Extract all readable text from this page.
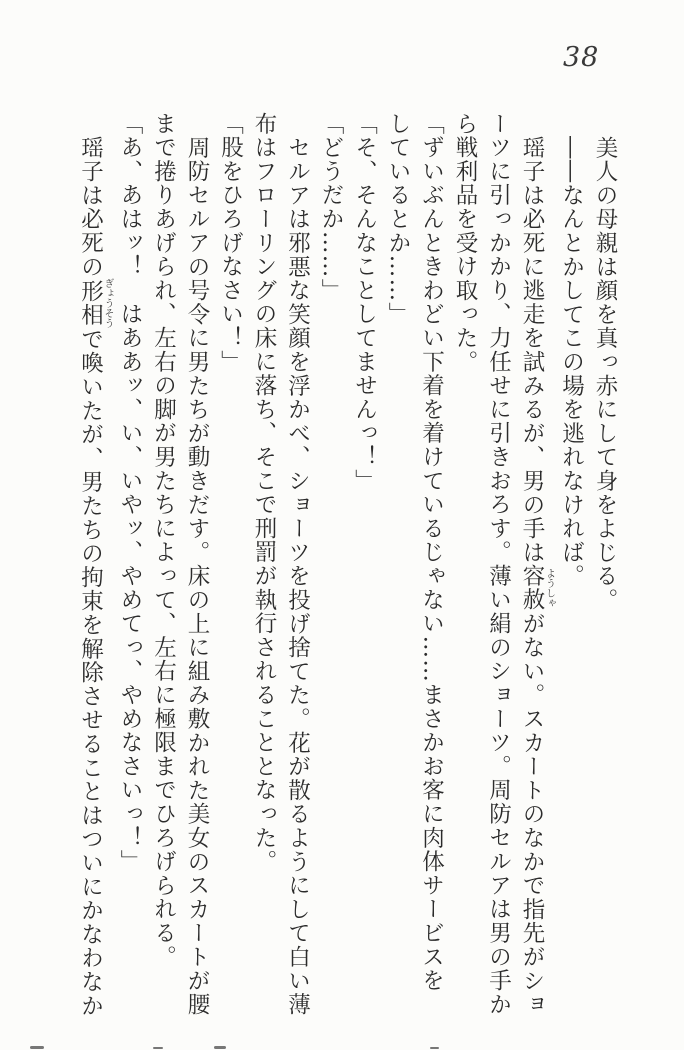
38

美人の母親は顔を真っ赤にして身をよじる。

――なんとかしてこの場を逃れなければ。

瑶子は必死に逃走を試みるが、男の手は容赦ようしゃがない。スカートのなかで指先がショ

ーツに引っかかり、力任せに引きおろす。薄い絹のショーツ。周防セルアは男の手か

ら戦利品を受け取った。

「ずいぶんときわどい下着を着けているじゃない……まさかお客に肉体サービスを

しているとか……」

「そ、そんなことしてませんっ！」

「どうだか……」

セルアは邪悪な笑顔を浮かべ、ショーツを投げ捨てた。花が散るようにして白い薄

布はフローリングの床に落ち、そこで刑罰が執行されることとなった。

「股をひろげなさい！」

周防セルアの号令に男たちが動きだす。床の上に組み敷かれた美女のスカートが腰

まで捲りあげられ、左右の脚が男たちによって、左右に極限までひろげられる。

「あ、あはッ！　はああッ、い、いやッ、やめてっ、やめなさいっ！」

瑶子は必死の形相ぎょうそうで喚いたが、男たちの拘束を解除させることはついにかなわなか
